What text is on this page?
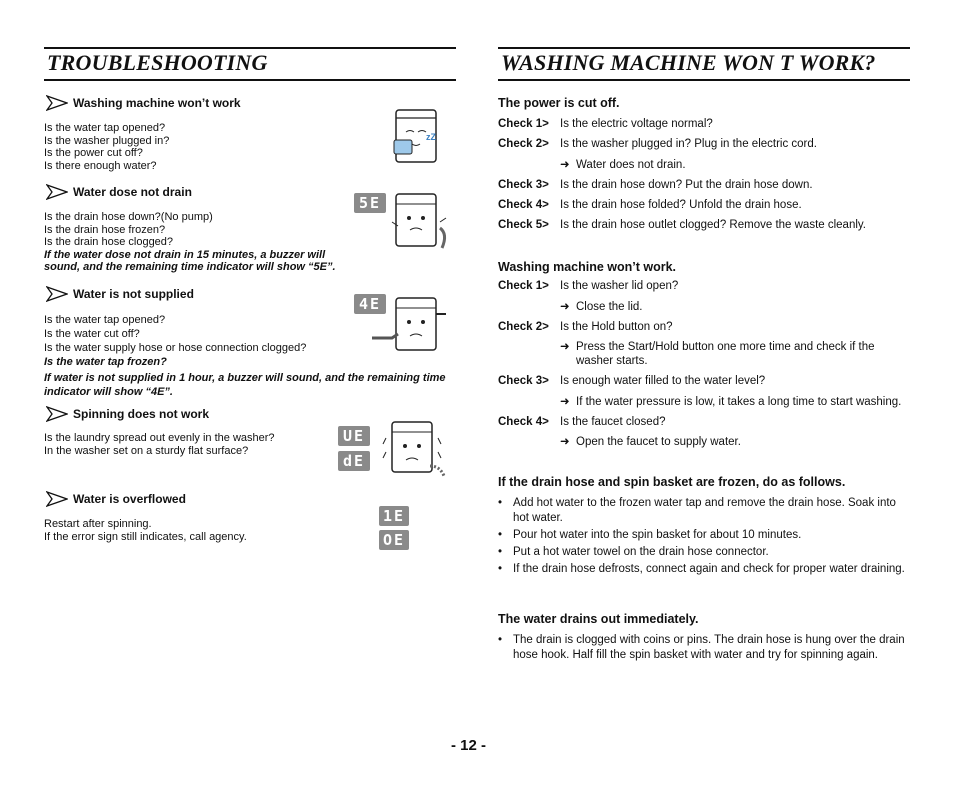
TROUBLESHOOTING
Washing machine won’t work
Is the water tap opened?
Is the washer plugged in?
Is the power cut off?
Is there enough water?
Water dose not drain
Is the drain hose down?(No pump)
Is the drain hose frozen?
Is the drain hose clogged?
If the water dose not drain in 15 minutes, a buzzer will
sound, and the remaining time indicator will show “5E”.
Water is not supplied
Is the water tap opened?
Is the water cut off?
Is the water supply hose or hose connection clogged?
Is the water tap frozen?
If water is not supplied in 1 hour, a buzzer will sound, and the remaining time
indicator will show “4E”.
Spinning does not work
Is the laundry spread out evenly in the washer?
In the washer set on a sturdy flat surface?
Water is overflowed
Restart after spinning.
If the error sign still indicates, call agency.
zZ
5E
4E
UE
dE
1E
OE
WASHING MACHINE WON T WORK?
The power is cut off.
Check 1> Is the electric voltage normal?
Check 2> Is the washer plugged in? Plug in the electric cord.
➜ Water does not drain.
Check 3> Is the drain hose down? Put the drain hose down.
Check 4> Is the drain hose folded? Unfold the drain hose.
Check 5> Is the drain hose outlet clogged? Remove the waste cleanly.
Washing machine won’t work.
Check 1> Is the washer lid open?
➜ Close the lid.
Check 2> Is the Hold button on?
➜ Press the Start/Hold button one more time and check if the
washer starts.
Check 3> Is enough water filled to the water level?
➜ If the water pressure is low, it takes a long time to start washing.
Check 4> Is the faucet closed?
➜ Open the faucet to supply water.
If the drain hose and spin basket are frozen, do as follows.
• Add hot water to the frozen water tap and remove the drain hose. Soak into hot water.
• Pour hot water into the spin basket for about 10 minutes.
• Put a hot water towel on the drain hose connector.
• If the drain hose defrosts, connect again and check for proper water draining.
The water drains out immediately.
• The drain is clogged with coins or pins. The drain hose is hung over the drain hose hook. Half fill the spin basket with water and try for spinning again.
- 12 -
